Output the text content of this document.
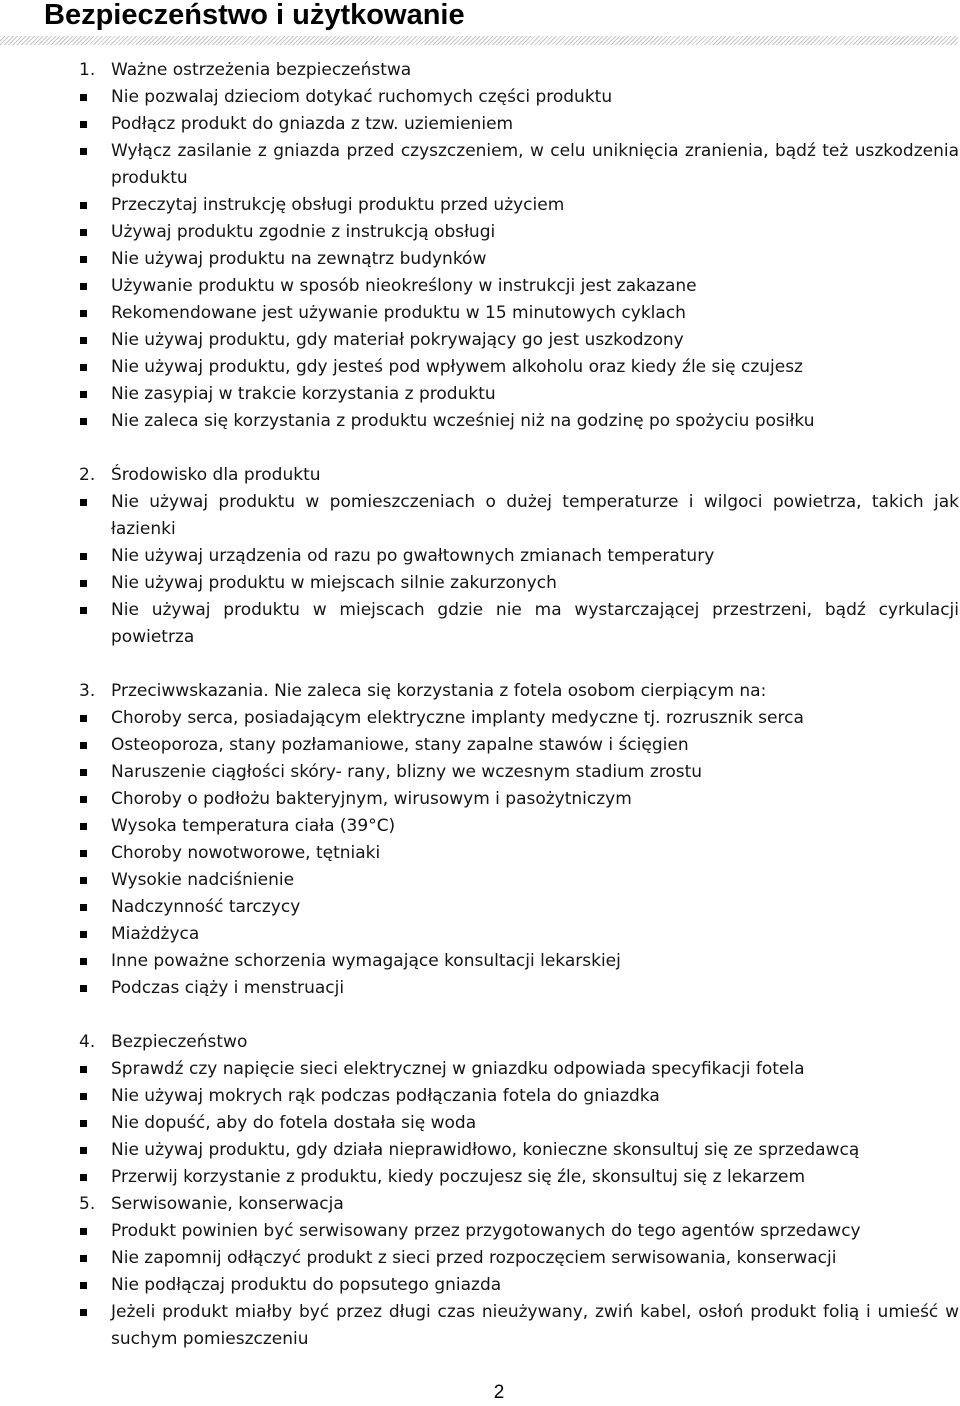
Bezpieczeństwo i użytkowanie
1. Ważne ostrzeżenia bezpieczeństwa
Nie pozwalaj dzieciom dotykać ruchomych części produktu
Podłącz produkt do gniazda z tzw. uziemieniem
Wyłącz zasilanie z gniazda przed czyszczeniem, w celu uniknięcia zranienia, bądź też uszkodzenia produktu
Przeczytaj instrukcję obsługi produktu przed użyciem
Używaj produktu zgodnie z instrukcją obsługi
Nie używaj produktu na zewnątrz budynków
Używanie produktu w sposób nieokreślony w instrukcji jest zakazane
Rekomendowane jest używanie produktu w 15 minutowych cyklach
Nie używaj produktu, gdy materiał pokrywający go jest uszkodzony
Nie używaj produktu, gdy jesteś pod wpływem alkoholu oraz kiedy źle się czujesz
Nie zasypiaj w trakcie korzystania z produktu
Nie zaleca się korzystania z produktu wcześniej niż na godzinę po spożyciu posiłku
2. Środowisko dla produktu
Nie używaj produktu w pomieszczeniach o dużej temperaturze i wilgoci powietrza, takich jak łazienki
Nie używaj urządzenia od razu po gwałtownych zmianach temperatury
Nie używaj produktu w miejscach silnie zakurzonych
Nie używaj produktu w miejscach gdzie nie ma wystarczającej przestrzeni, bądź cyrkulacji powietrza
3. Przeciwwskazania. Nie zaleca się korzystania z fotela osobom cierpiącym na:
Choroby serca, posiadającym elektryczne implanty medyczne tj. rozrusznik serca
Osteoporoza, stany pozłamaniowe, stany zapalne stawów i ścięgien
Naruszenie ciągłości skóry- rany, blizny we wczesnym stadium zrostu
Choroby o podłożu bakteryjnym, wirusowym i pasożytniczym
Wysoka temperatura ciała (39°C)
Choroby nowotworowe, tętniaki
Wysokie nadciśnienie
Nadczynność tarczycy
Miażdżyca
Inne poważne schorzenia wymagające konsultacji lekarskiej
Podczas ciąży i menstruacji
4. Bezpieczeństwo
Sprawdź czy napięcie sieci elektrycznej w gniazdku odpowiada specyfikacji fotela
Nie używaj mokrych rąk podczas podłączania fotela do gniazdka
Nie dopuść, aby do fotela dostała się woda
Nie używaj produktu, gdy działa nieprawidłowo, konieczne skonsultuj się ze sprzedawcą
Przerwij korzystanie z produktu, kiedy poczujesz się źle, skonsultuj się z lekarzem
5. Serwisowanie, konserwacja
Produkt powinien być serwisowany przez przygotowanych do tego agentów sprzedawcy
Nie zapomnij odłączyć produkt z sieci przed rozpoczęciem serwisowania, konserwacji
Nie podłączaj produktu do popsutego gniazda
Jeżeli produkt miałby być przez długi czas nieużywany, zwiń kabel, osłoń produkt folią i umieść w suchym pomieszczeniu
2
